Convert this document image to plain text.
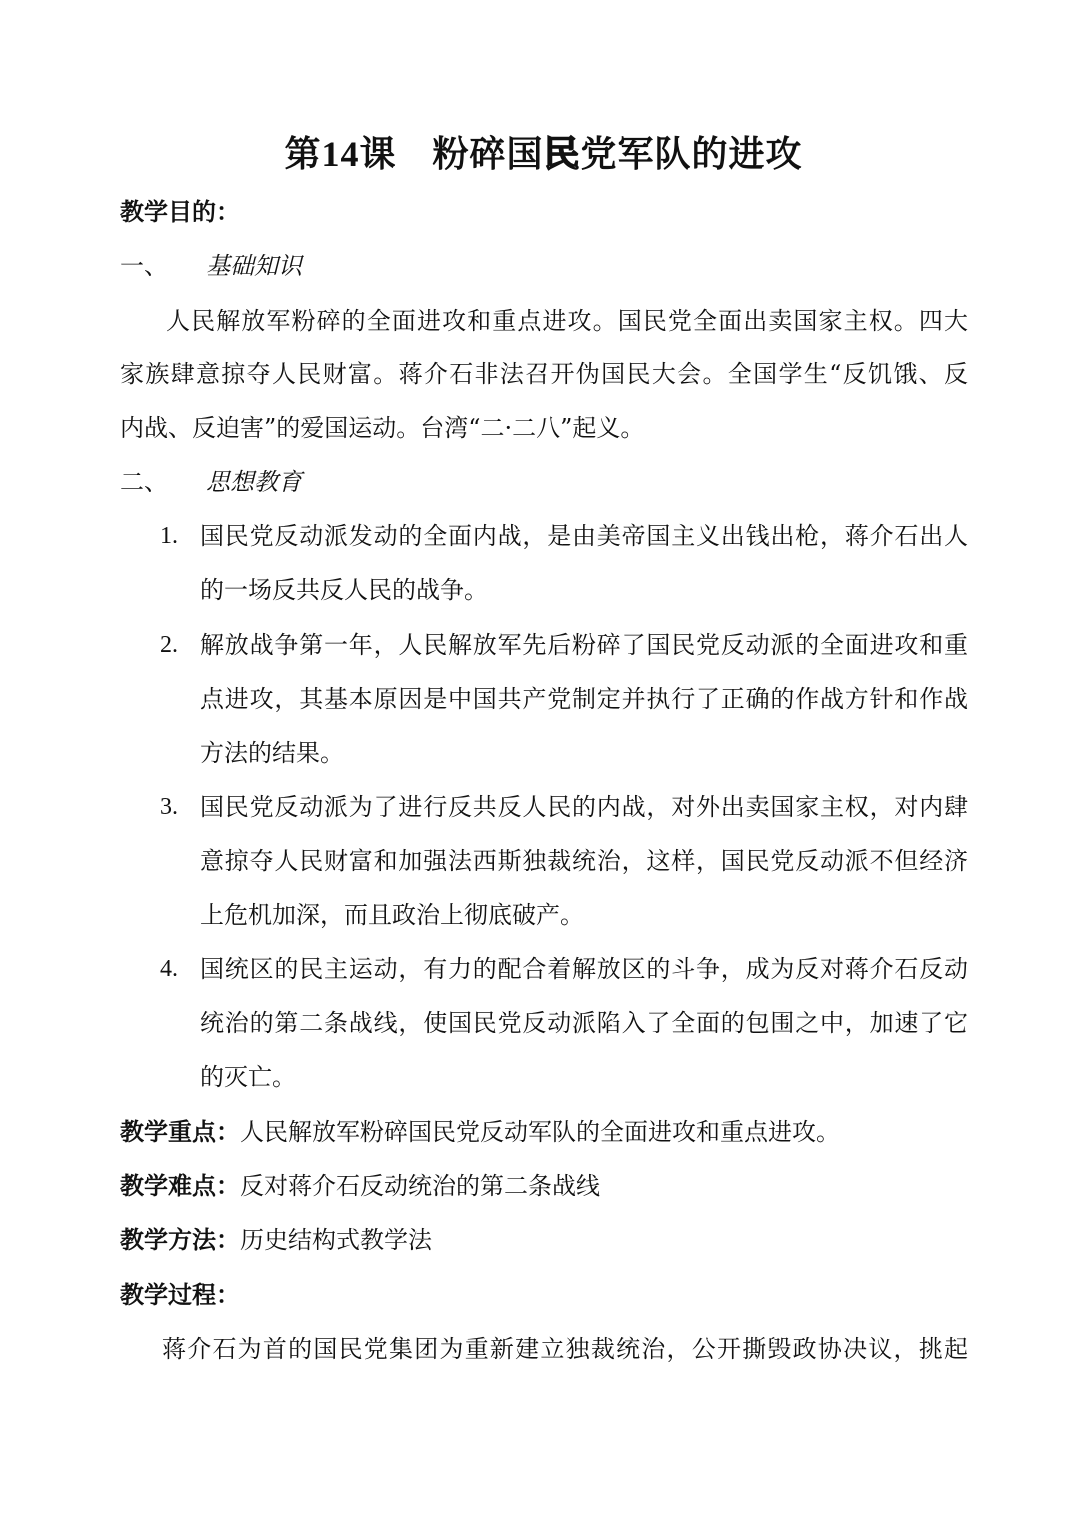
第14课 粉碎国民党军队的进攻
教学目的：
一、 基础知识
人民解放军粉碎的全面进攻和重点进攻。国民党全面出卖国家主权。四大
家族肆意掠夺人民财富。蒋介石非法召开伪国民大会。全国学生“反饥饿、反
内战、反迫害”的爱国运动。台湾“二·二八”起义。
二、 思想教育
1. 国民党反动派发动的全面内战，是由美帝国主义出钱出枪，蒋介石出人
的一场反共反人民的战争。
2. 解放战争第一年，人民解放军先后粉碎了国民党反动派的全面进攻和重
点进攻，其基本原因是中国共产党制定并执行了正确的作战方针和作战
方法的结果。
3. 国民党反动派为了进行反共反人民的内战，对外出卖国家主权，对内肆
意掠夺人民财富和加强法西斯独裁统治，这样，国民党反动派不但经济
上危机加深，而且政治上彻底破产。
4. 国统区的民主运动，有力的配合着解放区的斗争，成为反对蒋介石反动
统治的第二条战线，使国民党反动派陷入了全面的包围之中，加速了它
的灭亡。
教学重点：人民解放军粉碎国民党反动军队的全面进攻和重点进攻。
教学难点：反对蒋介石反动统治的第二条战线
教学方法：历史结构式教学法
教学过程：
蒋介石为首的国民党集团为重新建立独裁统治，公开撕毁政协决议，挑起
